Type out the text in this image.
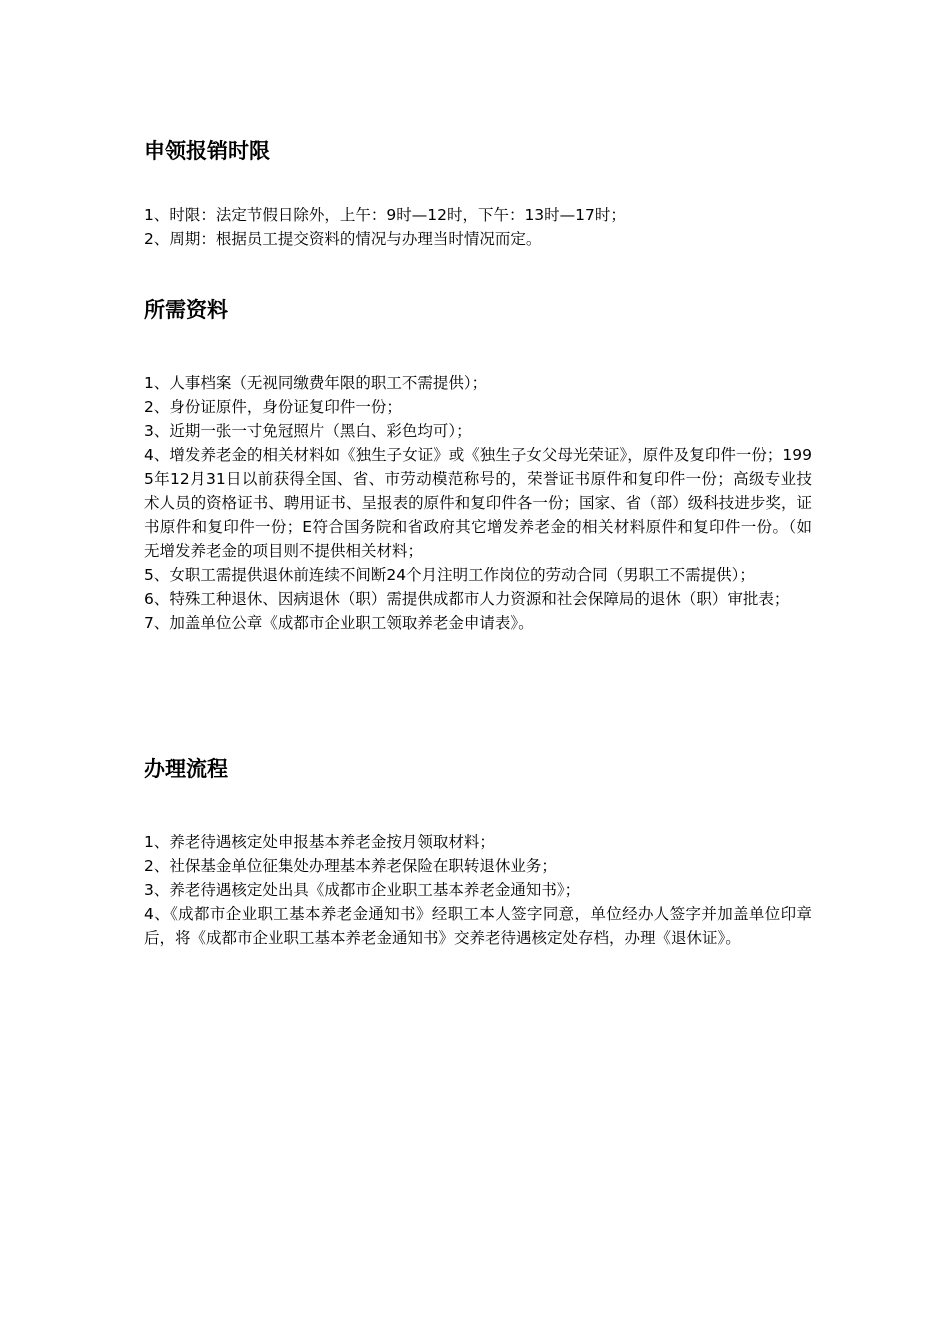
申领报销时限
1、时限：法定节假日除外，上午：9时—12时，下午：13时—17时；
2、周期：根据员工提交资料的情况与办理当时情况而定。
所需资料
1、人事档案（无视同缴费年限的职工不需提供）；
2、身份证原件，身份证复印件一份；
3、近期一张一寸免冠照片（黑白、彩色均可）；
4、增发养老金的相关材料如《独生子女证》或《独生子女父母光荣证》，原件及复印件一份；1995年12月31日以前获得全国、省、市劳动模范称号的，荣誉证书原件和复印件一份；高级专业技术人员的资格证书、聘用证书、呈报表的原件和复印件各一份；国家、省（部）级科技进步奖，证书原件和复印件一份；E符合国务院和省政府其它增发养老金的相关材料原件和复印件一份。（如无增发养老金的项目则不提供相关材料；
5、女职工需提供退休前连续不间断24个月注明工作岗位的劳动合同（男职工不需提供）；
6、特殊工种退休、因病退休（职）需提供成都市人力资源和社会保障局的退休（职）审批表；
7、加盖单位公章《成都市企业职工领取养老金申请表》。
办理流程
1、养老待遇核定处申报基本养老金按月领取材料；
2、社保基金单位征集处办理基本养老保险在职转退休业务；
3、养老待遇核定处出具《成都市企业职工基本养老金通知书》；
4、《成都市企业职工基本养老金通知书》经职工本人签字同意，单位经办人签字并加盖单位印章后，将《成都市企业职工基本养老金通知书》交养老待遇核定处存档，办理《退休证》。
